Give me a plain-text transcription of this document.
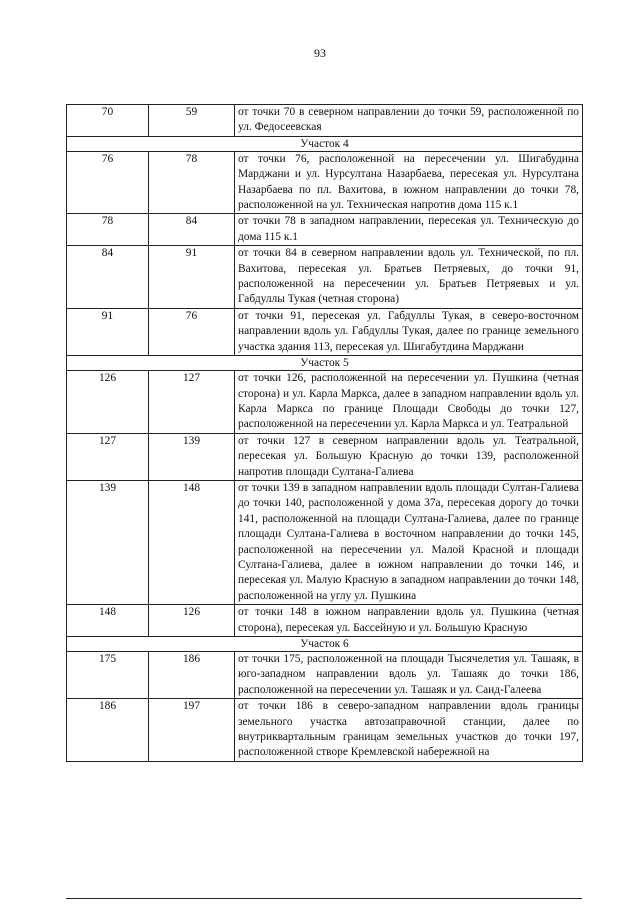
93
70	59	от точки 70 в северном направлении до точки 59, расположенной по ул. Федосеевская
Участок 4		
76	78	от точки 76, расположенной на пересечении ул. Шигабудина Марджани и ул. Нурсултана Назарбаева, пересекая ул. Нурсултана Назарбаева по пл. Вахитова, в южном направлении до точки 78, расположенной на ул. Техническая напротив дома 115 к.1
78	84	от точки 78 в западном направлении, пересекая ул. Техническую до дома 115 к.1
84	91	от точки 84 в северном направлении вдоль ул. Технической, по пл. Вахитова, пересекая ул. Братьев Петряевых, до точки 91, расположенной на пересечении ул. Братьев Петряевых и ул. Габдуллы Тукая (четная сторона)
91	76	от точки 91, пересекая ул. Габдуллы Тукая, в северо-восточном направлении вдоль ул. Габдуллы Тукая, далее по границе земельного участка здания 113, пересекая ул. Шигабутдина Марджани
Участок 5		
126	127	от точки 126, расположенной на пересечении ул. Пушкина (четная сторона) и ул. Карла Маркса, далее в западном направлении вдоль ул. Карла Маркса по границе Площади Свободы до точки 127, расположенной на пересечении ул. Карла Маркса и ул. Театральной
127	139	от точки 127 в северном направлении вдоль ул. Театральной, пересекая ул. Большую Красную до точки 139, расположенной напротив площади Султана-Галиева
139	148	от точки 139 в западном направлении вдоль площади Султан-Галиева до точки 140, расположенной у дома 37а, пересекая дорогу до точки 141, расположенной на площади Султана-Галиева, далее по границе площади Султана-Галиева в восточном направлении до точки 145, расположенной на пересечении ул. Малой Красной и площади Султана-Галиева, далее в южном направлении до точки 146, и пересекая ул. Малую Красную в западном направлении до точки 148, расположенной на углу ул. Пушкина
148	126	от точки 148 в южном направлении вдоль ул. Пушкина (четная сторона), пересекая ул. Бассейную и ул. Большую Красную
Участок 6		
175	186	от точки 175, расположенной на площади Тысячелетия ул. Ташаяк, в юго-западном направлении вдоль ул. Ташаяк до точки 186, расположенной на пересечении ул. Ташаяк и ул. Саид-Галеева
186	197	от точки 186 в северо-западном направлении вдоль границы земельного участка автозаправочной станции, далее по внутриквартальным границам земельных участков до точки 197, расположенной створе Кремлевской набережной на
